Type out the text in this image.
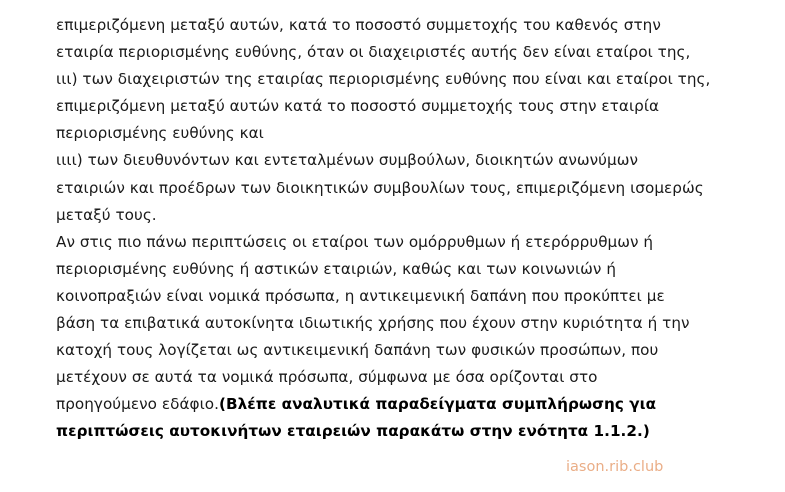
επιμεριζόμενη μεταξύ αυτών, κατά το ποσοστό συμμετοχής του καθενός στην
εταιρία περιορισμένης ευθύνης, όταν οι διαχειριστές αυτής δεν είναι εταίροι της,
ιιι) των διαχειριστών της εταιρίας περιορισμένης ευθύνης που είναι και εταίροι της,
επιμεριζόμενη μεταξύ αυτών κατά το ποσοστό συμμετοχής τους στην εταιρία
περιορισμένης ευθύνης και
ιιιι) των διευθυνόντων και εντεταλμένων συμβούλων, διοικητών ανωνύμων
εταιριών και προέδρων των διοικητικών συμβουλίων τους, επιμεριζόμενη ισομερώς
μεταξύ τους.
Αν στις πιο πάνω περιπτώσεις οι εταίροι των ομόρρυθμων ή ετερόρρυθμων ή
περιορισμένης ευθύνης ή αστικών εταιριών, καθώς και των κοινωνιών ή
κοινοπραξιών είναι νομικά πρόσωπα, η αντικειμενική δαπάνη που προκύπτει με
βάση τα επιβατικά αυτοκίνητα ιδιωτικής χρήσης που έχουν στην κυριότητα ή την
κατοχή τους λογίζεται ως αντικειμενική δαπάνη των φυσικών προσώπων, που
μετέχουν σε αυτά τα νομικά πρόσωπα, σύμφωνα με όσα ορίζονται στο
προηγούμενο εδάφιο.(Βλέπε αναλυτικά παραδείγματα συμπλήρωσης για
περιπτώσεις αυτοκινήτων εταιρειών παρακάτω στην ενότητα 1.1.2.)
iason.rib.club
